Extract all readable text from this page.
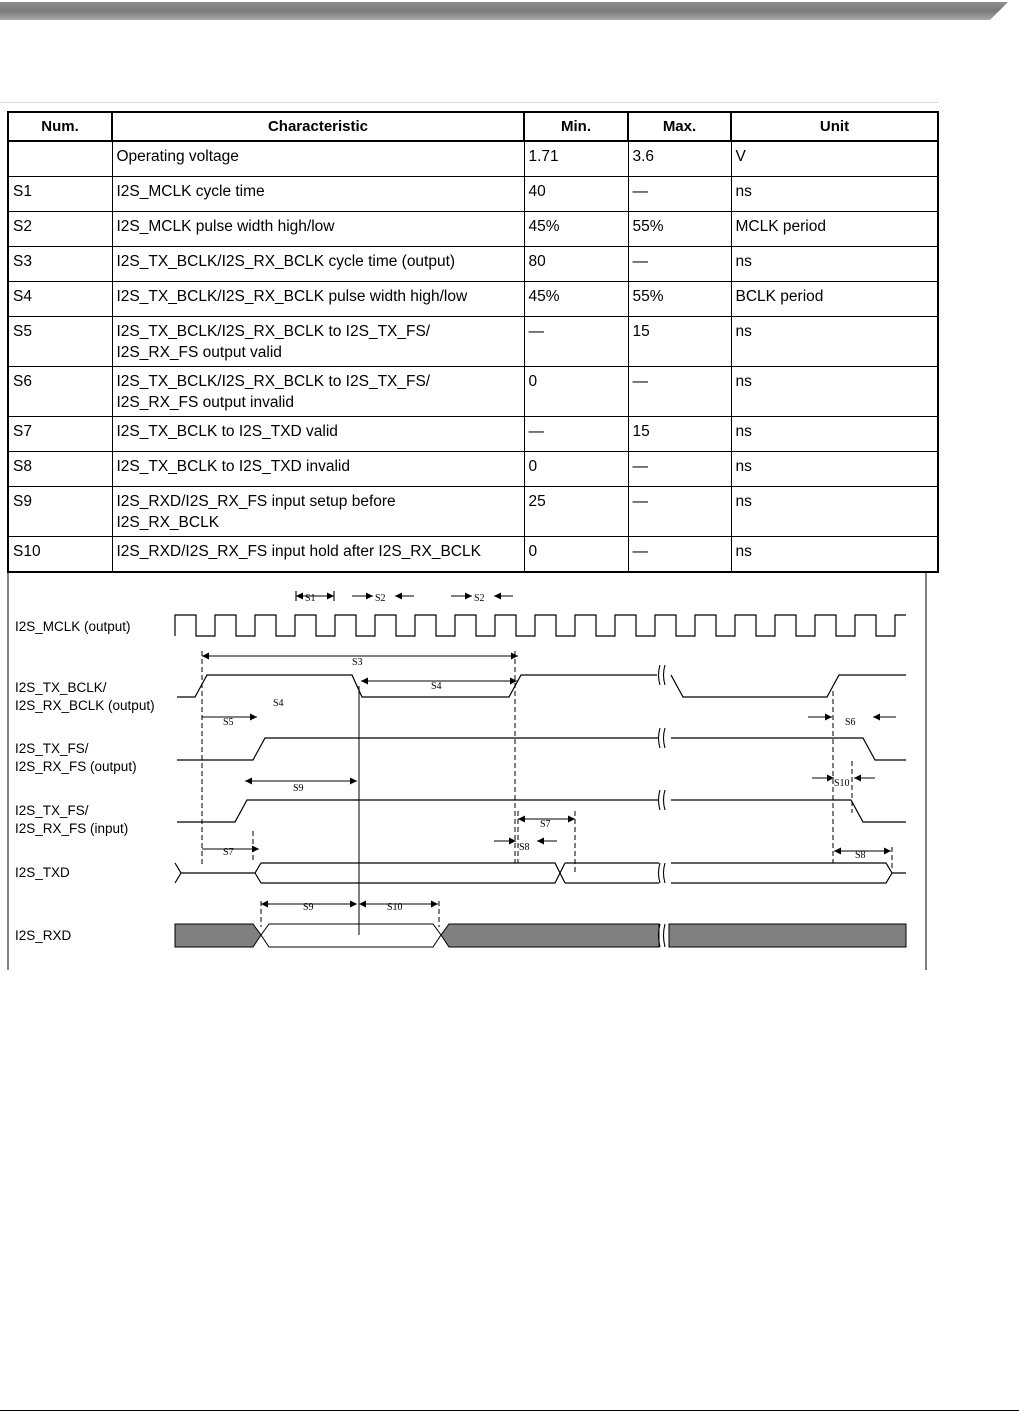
Num.	Characteristic	Min.	Max.	Unit
	Operating voltage	1.71	3.6	V
S1	I2S_MCLK cycle time	40	—	ns
S2	I2S_MCLK pulse width high/low	45%	55%	MCLK period
S3	I2S_TX_BCLK/I2S_RX_BCLK cycle time (output)	80	—	ns
S4	I2S_TX_BCLK/I2S_RX_BCLK pulse width high/low	45%	55%	BCLK period
S5	I2S_TX_BCLK/I2S_RX_BCLK to I2S_TX_FS/
I2S_RX_FS output valid	—	15	ns
S6	I2S_TX_BCLK/I2S_RX_BCLK to I2S_TX_FS/
I2S_RX_FS output invalid	0	—	ns
S7	I2S_TX_BCLK to I2S_TXD valid	—	15	ns
S8	I2S_TX_BCLK to I2S_TXD invalid	0	—	ns
S9	I2S_RXD/I2S_RX_FS input setup before
I2S_RX_BCLK	25	—	ns
S10	I2S_RXD/I2S_RX_FS input hold after I2S_RX_BCLK	0	—	ns
I2S_MCLK (output)
I2S_TX_BCLK/
I2S_RX_BCLK (output)
I2S_TX_FS/
I2S_RX_FS (output)
I2S_TX_FS/
I2S_RX_FS (input)
I2S_TXD
I2S_RXD
S1	S2	S2
S3
S4
S4
S5	S6
S9	S10
S7
S8
S7	S8
S9	S10
